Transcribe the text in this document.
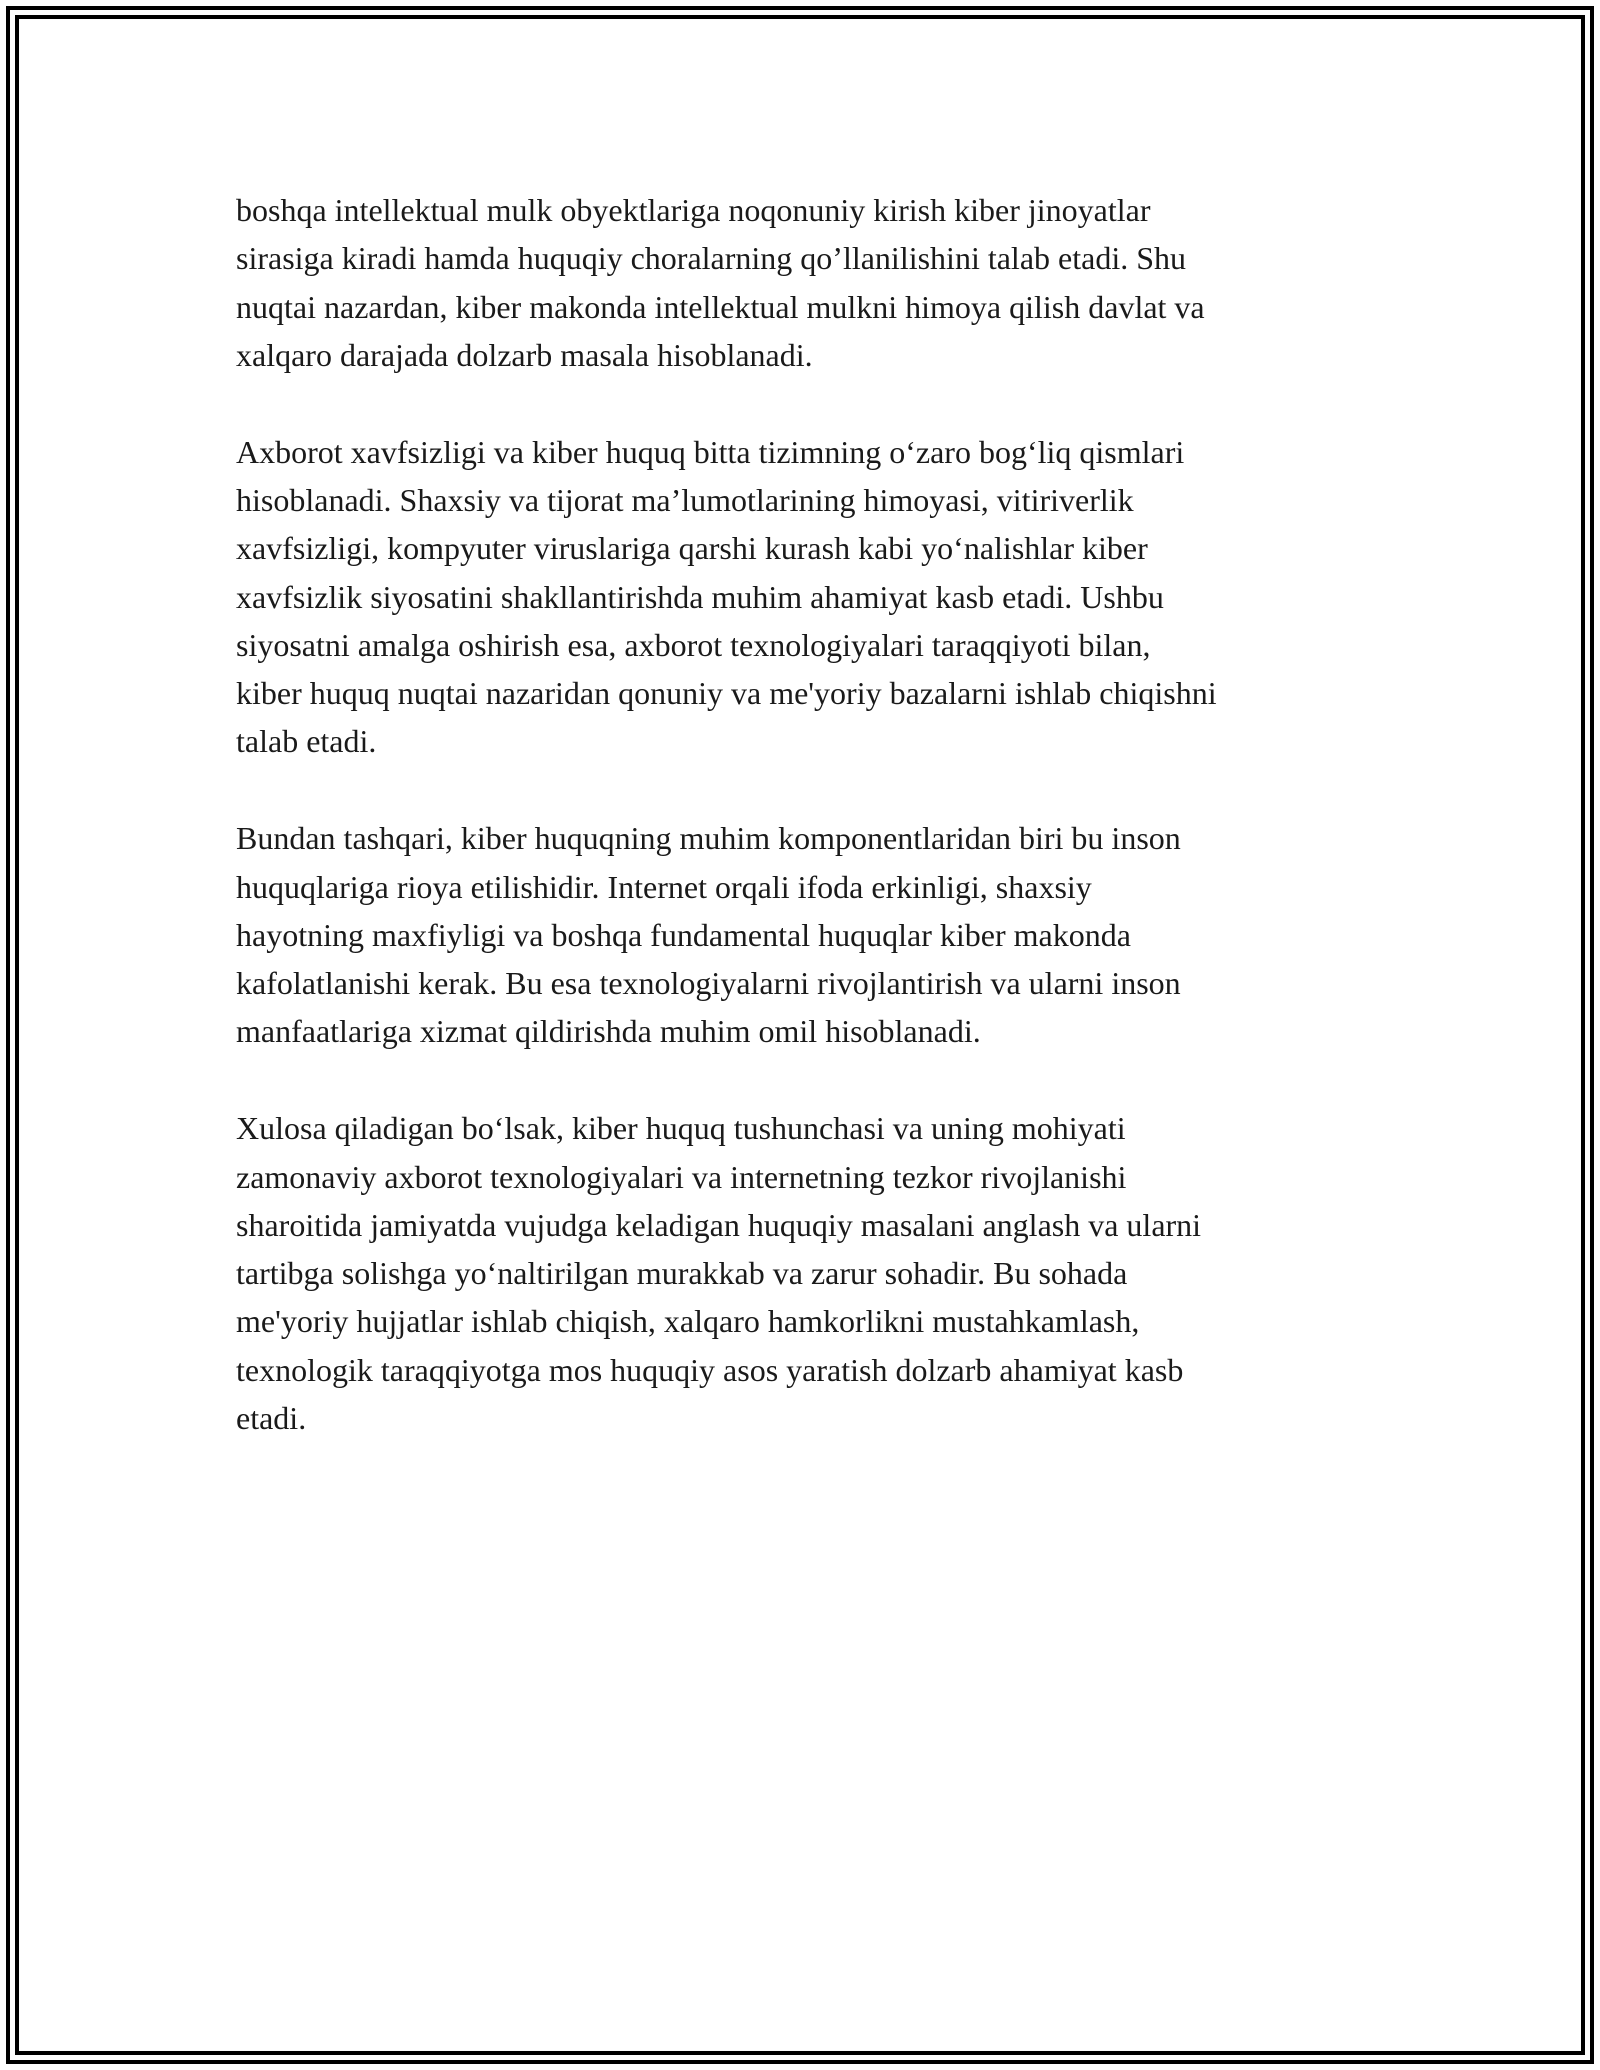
boshqa intellektual mulk obyektlariga noqonuniy kirish kiber jinoyatlar
sirasiga kiradi hamda huquqiy choralarning qo’llanilishini talab etadi. Shu
nuqtai nazardan, kiber makonda intellektual mulkni himoya qilish davlat va
xalqaro darajada dolzarb masala hisoblanadi.
Axborot xavfsizligi va kiber huquq bitta tizimning o‘zaro bog‘liq qismlari
hisoblanadi. Shaxsiy va tijorat ma’lumotlarining himoyasi, vitiriverlik
xavfsizligi, kompyuter viruslariga qarshi kurash kabi yo‘nalishlar kiber
xavfsizlik siyosatini shakllantirishda muhim ahamiyat kasb etadi. Ushbu
siyosatni amalga oshirish esa, axborot texnologiyalari taraqqiyoti bilan,
kiber huquq nuqtai nazaridan qonuniy va me'yoriy bazalarni ishlab chiqishni
talab etadi.
Bundan tashqari, kiber huquqning muhim komponentlaridan biri bu inson
huquqlariga rioya etilishidir. Internet orqali ifoda erkinligi, shaxsiy
hayotning maxfiyligi va boshqa fundamental huquqlar kiber makonda
kafolatlanishi kerak. Bu esa texnologiyalarni rivojlantirish va ularni inson
manfaatlariga xizmat qildirishda muhim omil hisoblanadi.
Xulosa qiladigan bo‘lsak, kiber huquq tushunchasi va uning mohiyati
zamonaviy axborot texnologiyalari va internetning tezkor rivojlanishi
sharoitida jamiyatda vujudga keladigan huquqiy masalani anglash va ularni
tartibga solishga yo‘naltirilgan murakkab va zarur sohadir. Bu sohada
me'yoriy hujjatlar ishlab chiqish, xalqaro hamkorlikni mustahkamlash,
texnologik taraqqiyotga mos huquqiy asos yaratish dolzarb ahamiyat kasb
etadi.
